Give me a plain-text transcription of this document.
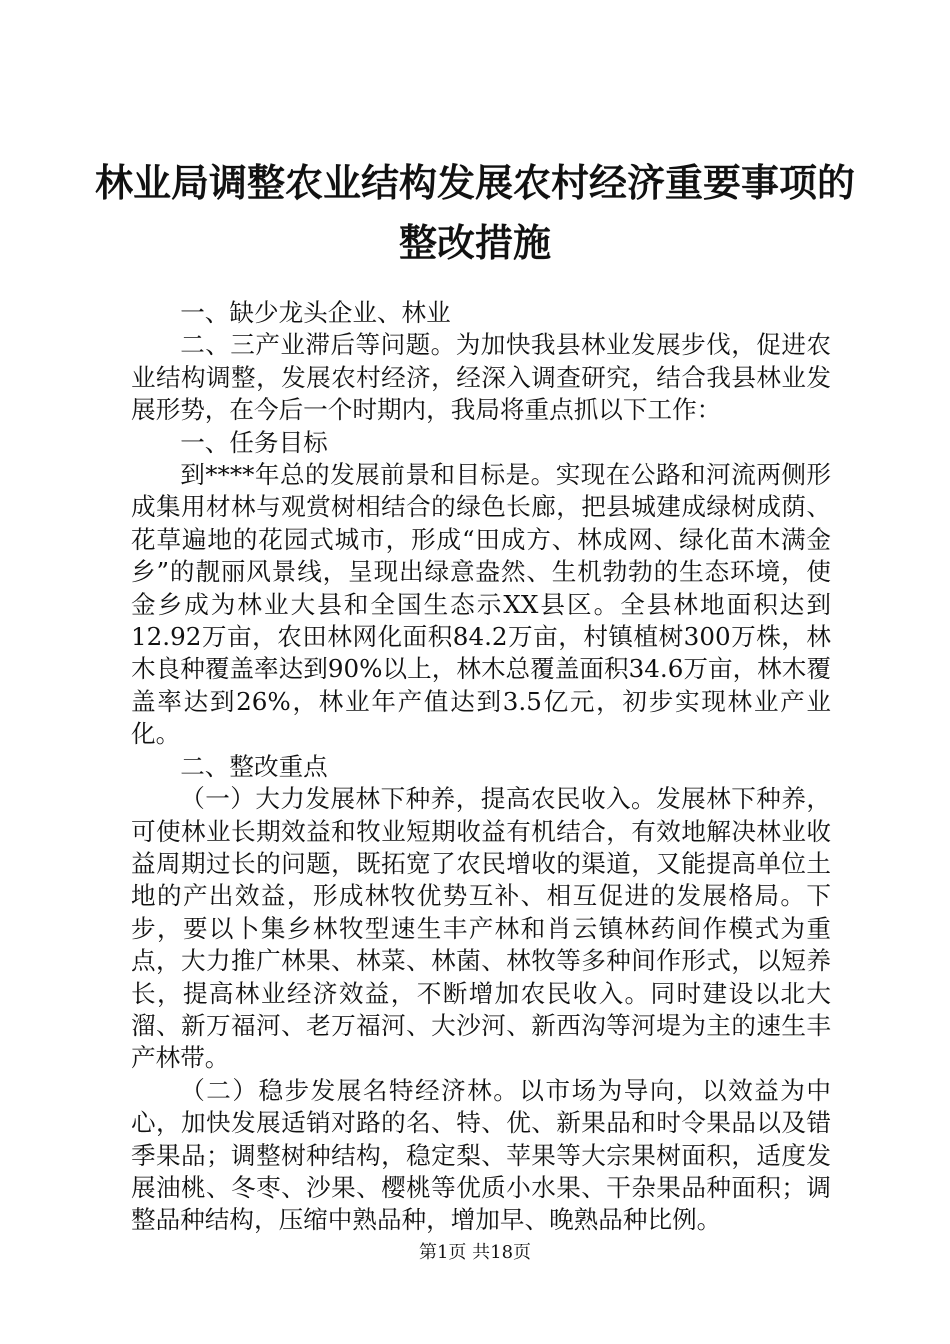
林业局调整农业结构发展农村经济重要事项的
整改措施

一、缺少龙头企业、林业

二、三产业滞后等问题。为加快我县林业发展步伐，促进农业结构调整，发展农村经济，经深入调查研究，结合我县林业发展形势，在今后一个时期内，我局将重点抓以下工作：

一、任务目标

到****年总的发展前景和目标是。实现在公路和河流两侧形成集用材林与观赏树相结合的绿色长廊，把县城建成绿树成荫、花草遍地的花园式城市，形成“田成方、林成网、绿化苗木满金乡”的靓丽风景线，呈现出绿意盎然、生机勃勃的生态环境，使金乡成为林业大县和全国生态示XX县区。全县林地面积达到12.92万亩，农田林网化面积84.2万亩，村镇植树300万株，林木良种覆盖率达到90%以上，林木总覆盖面积34.6万亩，林木覆盖率达到26%，林业年产值达到3.5亿元，初步实现林业产业化。

二、整改重点

（一）大力发展林下种养，提高农民收入。发展林下种养，可使林业长期效益和牧业短期收益有机结合，有效地解决林业收益周期过长的问题，既拓宽了农民增收的渠道，又能提高单位土地的产出效益，形成林牧优势互补、相互促进的发展格局。下步，要以卜集乡林牧型速生丰产林和肖云镇林药间作模式为重点，大力推广林果、林菜、林菌、林牧等多种间作形式，以短养长，提高林业经济效益，不断增加农民收入。同时建设以北大溜、新万福河、老万福河、大沙河、新西沟等河堤为主的速生丰产林带。

（二）稳步发展名特经济林。以市场为导向，以效益为中心，加快发展适销对路的名、特、优、新果品和时令果品以及错季果品；调整树种结构，稳定梨、苹果等大宗果树面积，适度发展油桃、冬枣、沙果、樱桃等优质小水果、干杂果品种面积；调整品种结构，压缩中熟品种，增加早、晚熟品种比例。

第1页 共18页
